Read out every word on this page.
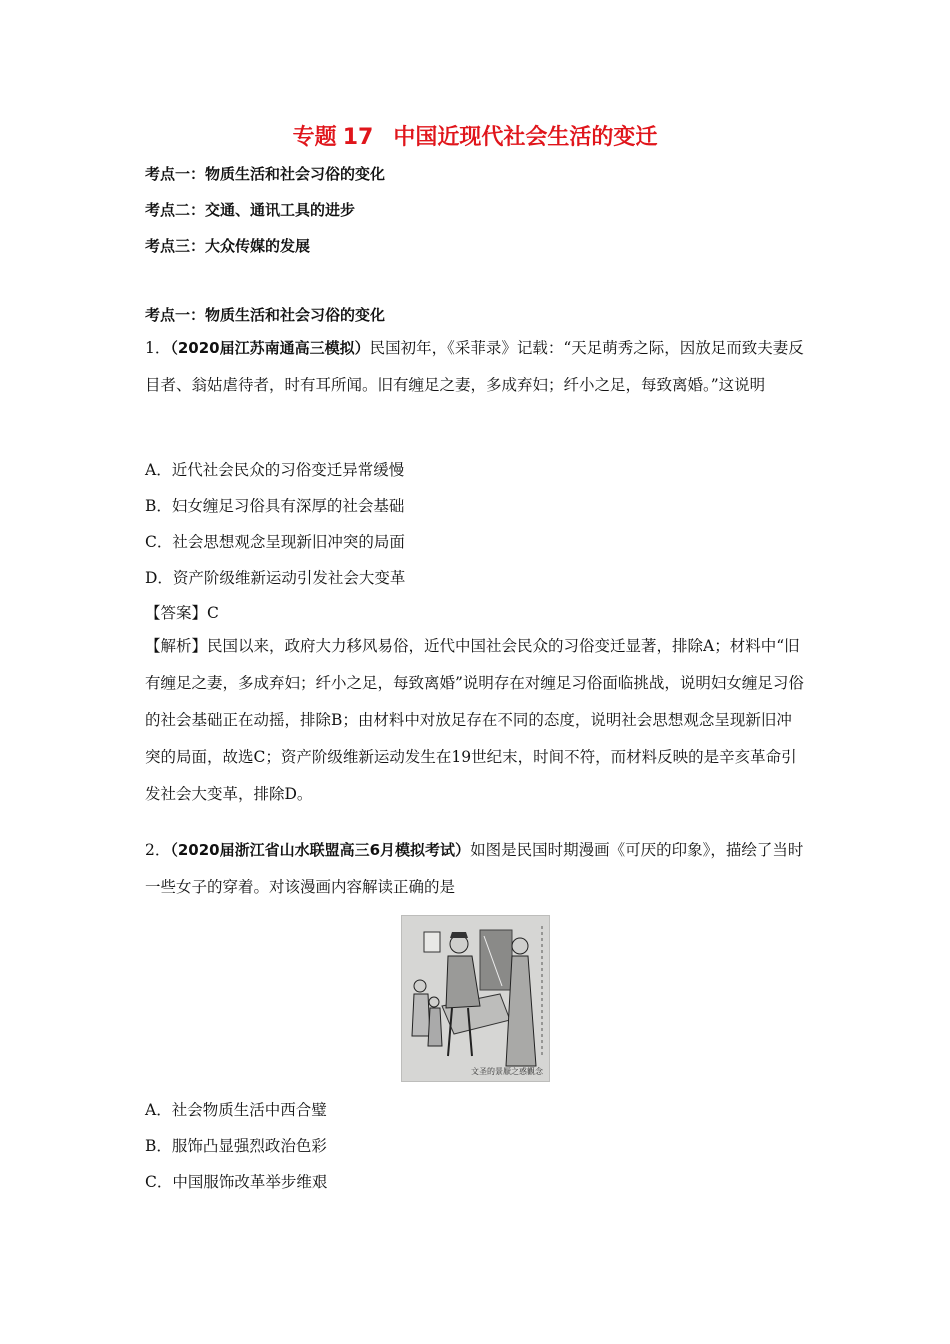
专题 17 中国近现代社会生活的变迁
考点一：物质生活和社会习俗的变化
考点二：交通、通讯工具的进步
考点三：大众传媒的发展
考点一：物质生活和社会习俗的变化
1．（2020届江苏南通高三模拟）民国初年，《采菲录》记载：“天足萌秀之际，因放足而致夫妻反目者、翁姑虐待者，时有耳所闻。旧有缠足之妻，多成弃妇；纤小之足，每致离婚。”这说明
A．近代社会民众的习俗变迁异常缓慢
B．妇女缠足习俗具有深厚的社会基础
C．社会思想观念呈现新旧冲突的局面
D．资产阶级维新运动引发社会大变革
【答案】C
【解析】民国以来，政府大力移风易俗，近代中国社会民众的习俗变迁显著，排除A；材料中“旧有缠足之妻，多成弃妇；纤小之足，每致离婚”说明存在对缠足习俗面临挑战，说明妇女缠足习俗的社会基础正在动摇，排除B；由材料中对放足存在不同的态度，说明社会思想观念呈现新旧冲突的局面，故选C；资产阶级维新运动发生在19世纪末，时间不符，而材料反映的是辛亥革命引发社会大变革，排除D。
2．（2020届浙江省山水联盟高三6月模拟考试）如图是民国时期漫画《可厌的印象》，描绘了当时一些女子的穿着。对该漫画内容解读正确的是
文圣的景厭之惑觀念
A．社会物质生活中西合璧
B．服饰凸显强烈政治色彩
C．中国服饰改革举步维艰
